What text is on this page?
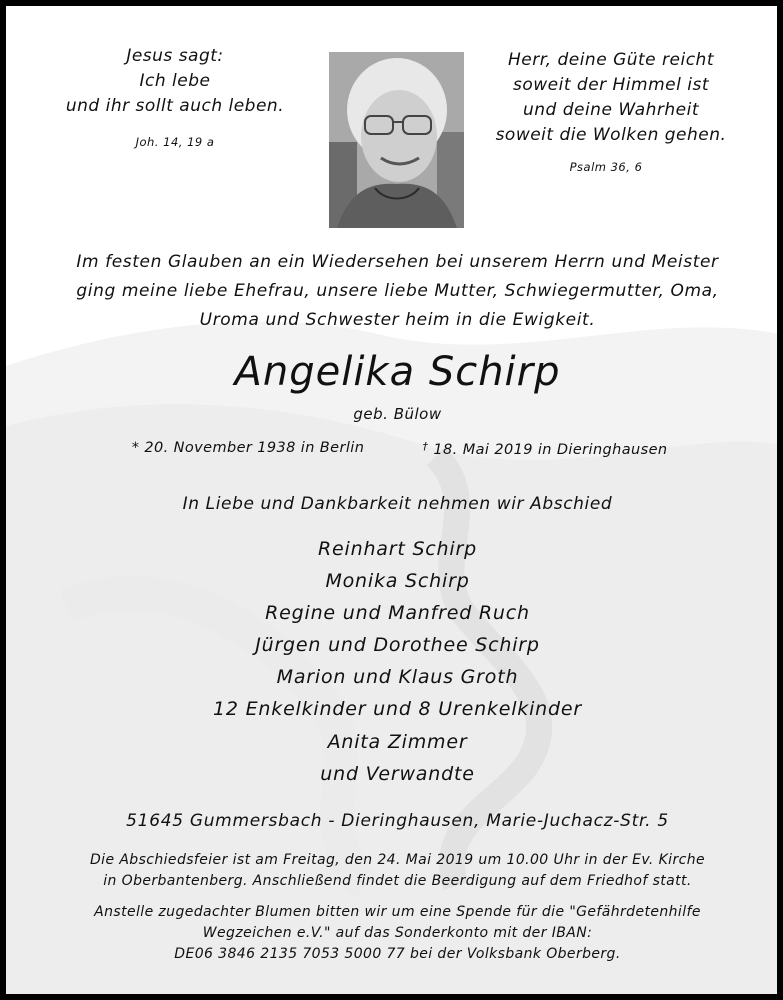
Jesus sagt:
Ich lebe
und ihr sollt auch leben.
Joh. 14, 19 a
Herr, deine Güte reicht
soweit der Himmel ist
und deine Wahrheit
soweit die Wolken gehen.
Psalm 36, 6
Im festen Glauben an ein Wiedersehen bei unserem Herrn und Meister
ging meine liebe Ehefrau, unsere liebe Mutter, Schwiegermutter, Oma,
Uroma und Schwester heim in die Ewigkeit.
Angelika Schirp
geb. Bülow
* 20. November 1938 in Berlin	† 18. Mai 2019 in Dieringhausen
In Liebe und Dankbarkeit nehmen wir Abschied
Reinhart Schirp
Monika Schirp
Regine und Manfred Ruch
Jürgen und Dorothee Schirp
Marion und Klaus Groth
12 Enkelkinder und 8 Urenkelkinder
Anita Zimmer
und Verwandte
51645 Gummersbach - Dieringhausen, Marie-Juchacz-Str. 5
Die Abschiedsfeier ist am Freitag, den 24. Mai 2019 um 10.00 Uhr in der Ev. Kirche
in Oberbantenberg. Anschließend findet die Beerdigung auf dem Friedhof statt.
Anstelle zugedachter Blumen bitten wir um eine Spende für die "Gefährdetenhilfe
Wegzeichen e.V." auf das Sonderkonto mit der IBAN:
DE06 3846 2135 7053 5000 77 bei der Volksbank Oberberg.
